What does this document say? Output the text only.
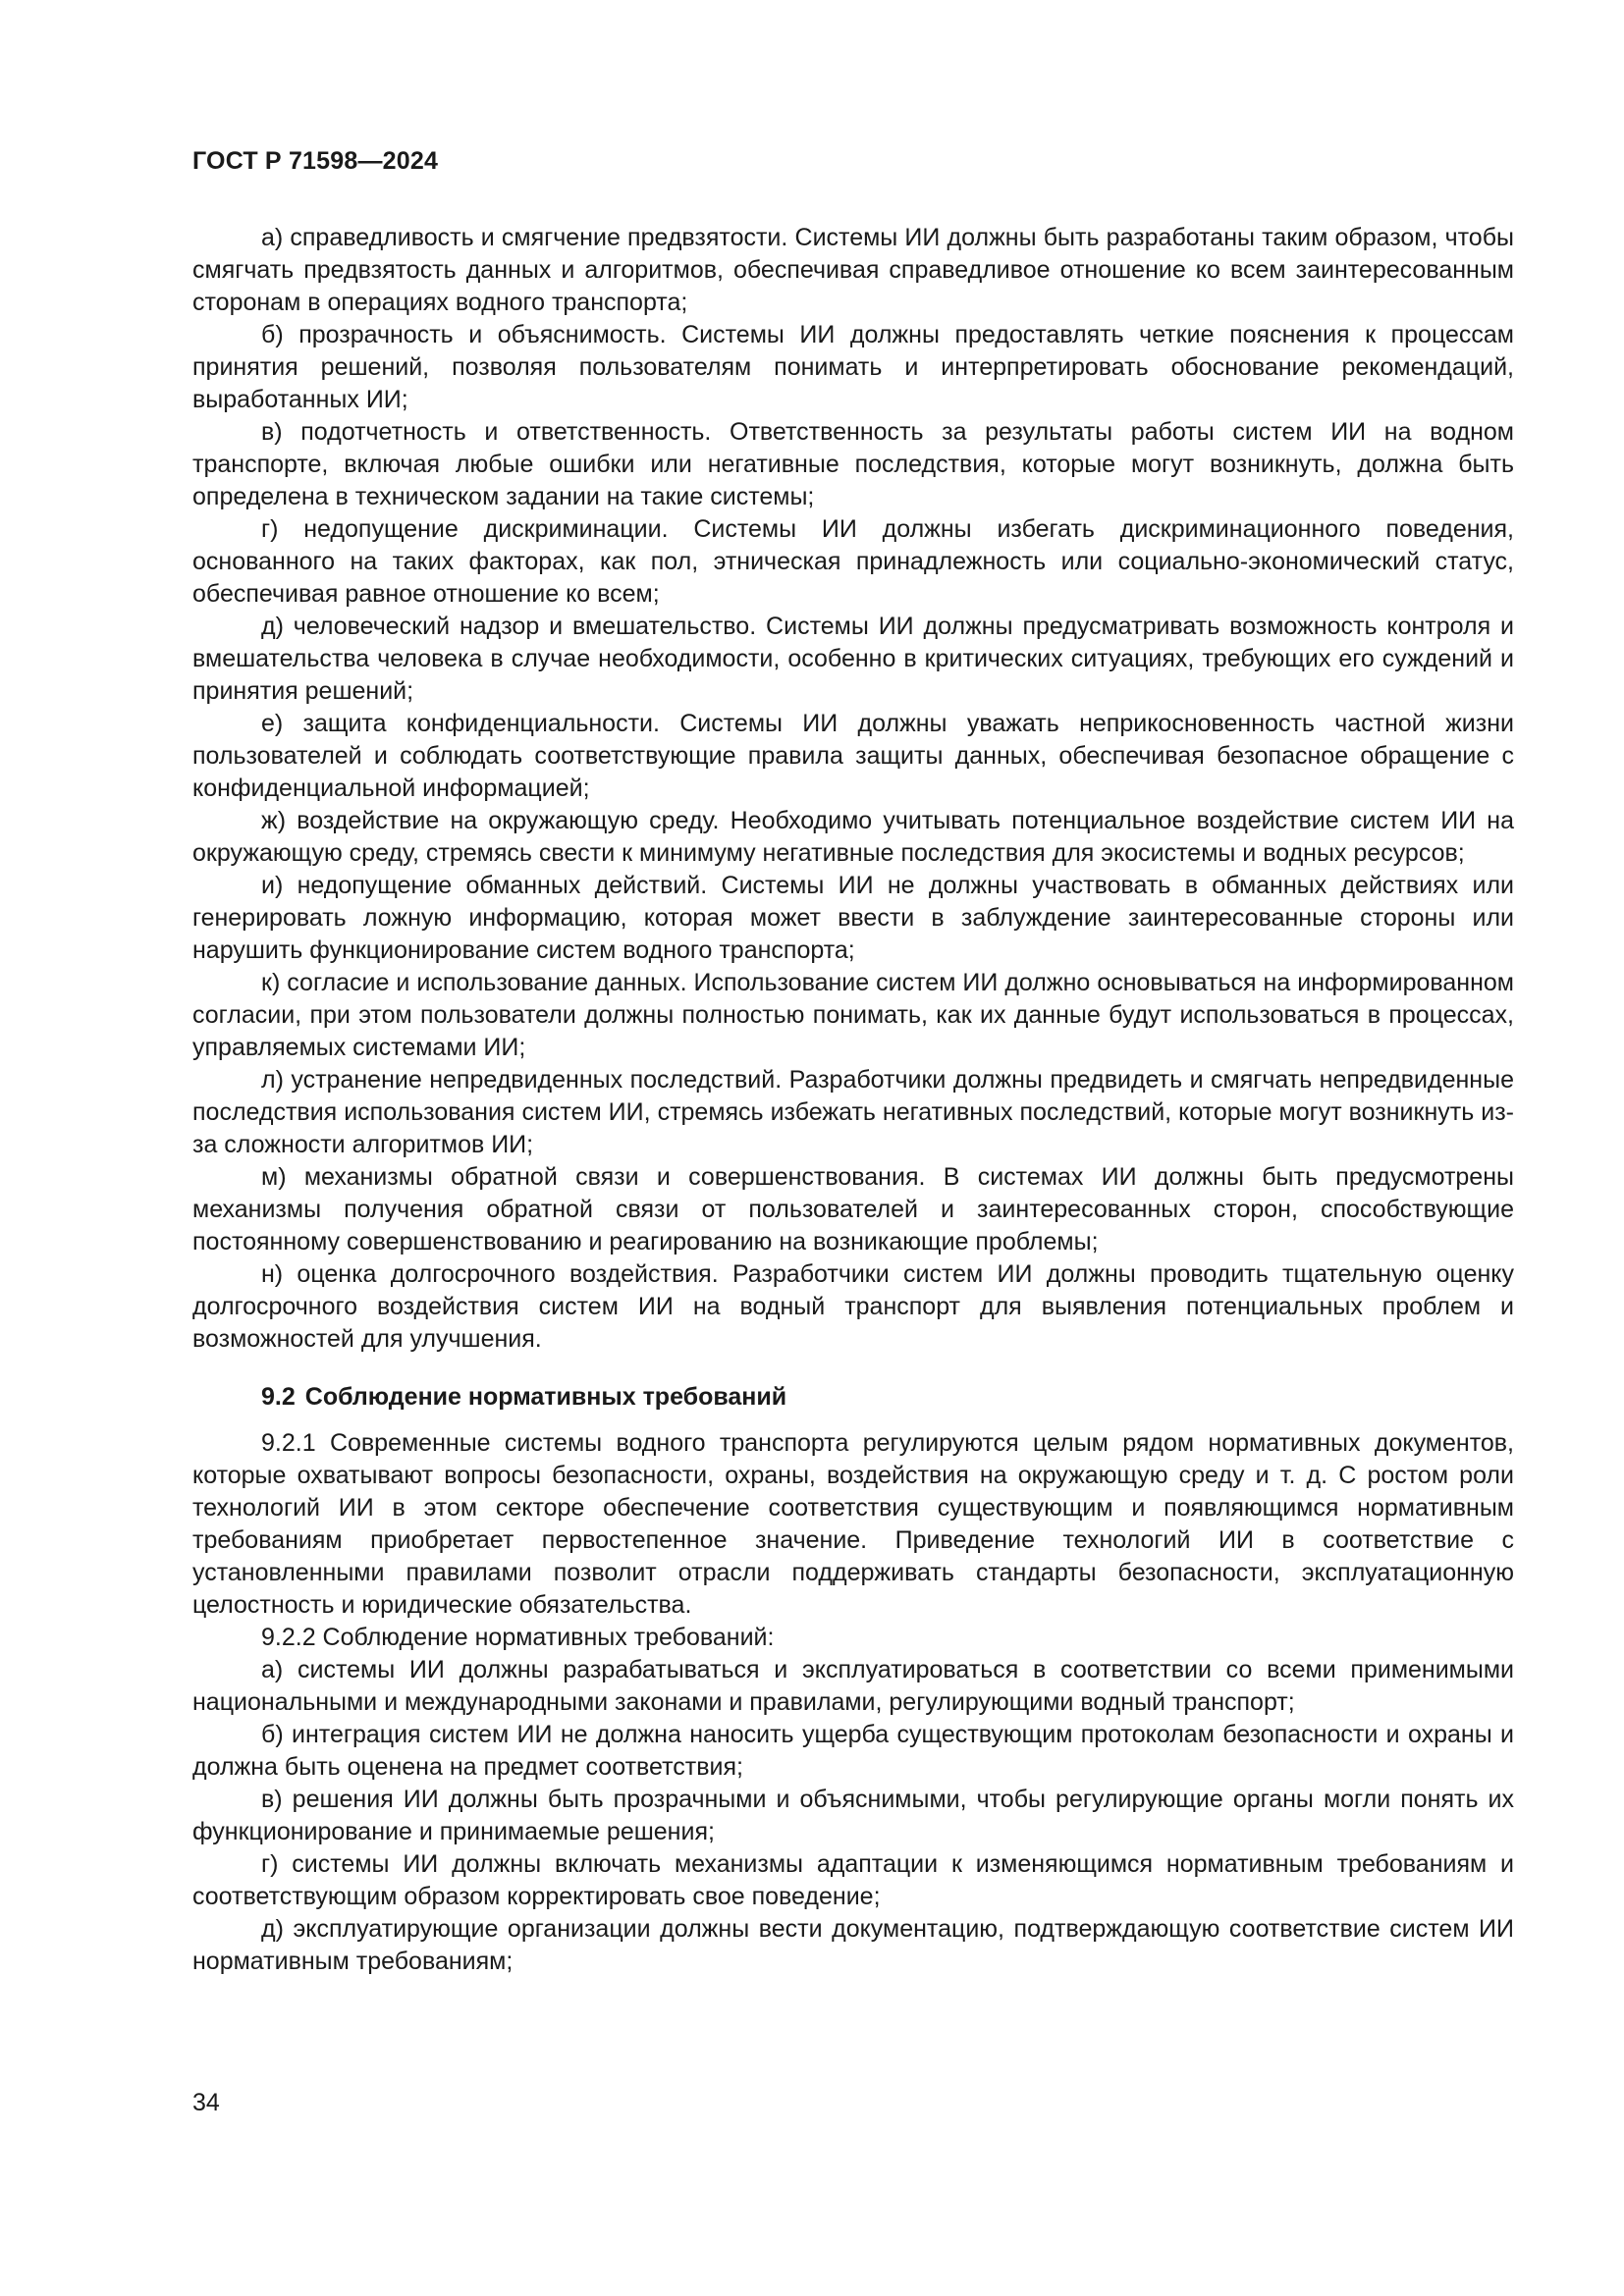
ГОСТ Р 71598—2024

а) справедливость и смягчение предвзятости. Системы ИИ должны быть разработаны таким образом, чтобы смягчать предвзятость данных и алгоритмов, обеспечивая справедливое отношение ко всем заинтересованным сторонам в операциях водного транспорта;

б) прозрачность и объяснимость. Системы ИИ должны предоставлять четкие пояснения к процессам принятия решений, позволяя пользователям понимать и интерпретировать обоснование рекомендаций, выработанных ИИ;

в) подотчетность и ответственность. Ответственность за результаты работы систем ИИ на водном транспорте, включая любые ошибки или негативные последствия, которые могут возникнуть, должна быть определена в техническом задании на такие системы;

г) недопущение дискриминации. Системы ИИ должны избегать дискриминационного поведения, основанного на таких факторах, как пол, этническая принадлежность или социально-экономический статус, обеспечивая равное отношение ко всем;

д) человеческий надзор и вмешательство. Системы ИИ должны предусматривать возможность контроля и вмешательства человека в случае необходимости, особенно в критических ситуациях, требующих его суждений и принятия решений;

е) защита конфиденциальности. Системы ИИ должны уважать неприкосновенность частной жизни пользователей и соблюдать соответствующие правила защиты данных, обеспечивая безопасное обращение с конфиденциальной информацией;

ж) воздействие на окружающую среду. Необходимо учитывать потенциальное воздействие систем ИИ на окружающую среду, стремясь свести к минимуму негативные последствия для экосистемы и водных ресурсов;

и) недопущение обманных действий. Системы ИИ не должны участвовать в обманных действиях или генерировать ложную информацию, которая может ввести в заблуждение заинтересованные стороны или нарушить функционирование систем водного транспорта;

к) согласие и использование данных. Использование систем ИИ должно основываться на информированном согласии, при этом пользователи должны полностью понимать, как их данные будут использоваться в процессах, управляемых системами ИИ;

л) устранение непредвиденных последствий. Разработчики должны предвидеть и смягчать непредвиденные последствия использования систем ИИ, стремясь избежать негативных последствий, которые могут возникнуть из-за сложности алгоритмов ИИ;

м) механизмы обратной связи и совершенствования. В системах ИИ должны быть предусмотрены механизмы получения обратной связи от пользователей и заинтересованных сторон, способствующие постоянному совершенствованию и реагированию на возникающие проблемы;

н) оценка долгосрочного воздействия. Разработчики систем ИИ должны проводить тщательную оценку долгосрочного воздействия систем ИИ на водный транспорт для выявления потенциальных проблем и возможностей для улучшения.

9.2 Соблюдение нормативных требований

9.2.1 Современные системы водного транспорта регулируются целым рядом нормативных документов, которые охватывают вопросы безопасности, охраны, воздействия на окружающую среду и т. д. С ростом роли технологий ИИ в этом секторе обеспечение соответствия существующим и появляющимся нормативным требованиям приобретает первостепенное значение. Приведение технологий ИИ в соответствие с установленными правилами позволит отрасли поддерживать стандарты безопасности, эксплуатационную целостность и юридические обязательства.

9.2.2 Соблюдение нормативных требований:

а) системы ИИ должны разрабатываться и эксплуатироваться в соответствии со всеми применимыми национальными и международными законами и правилами, регулирующими водный транспорт;

б) интеграция систем ИИ не должна наносить ущерба существующим протоколам безопасности и охраны и должна быть оценена на предмет соответствия;

в) решения ИИ должны быть прозрачными и объяснимыми, чтобы регулирующие органы могли понять их функционирование и принимаемые решения;

г) системы ИИ должны включать механизмы адаптации к изменяющимся нормативным требованиям и соответствующим образом корректировать свое поведение;

д) эксплуатирующие организации должны вести документацию, подтверждающую соответствие систем ИИ нормативным требованиям;

34
